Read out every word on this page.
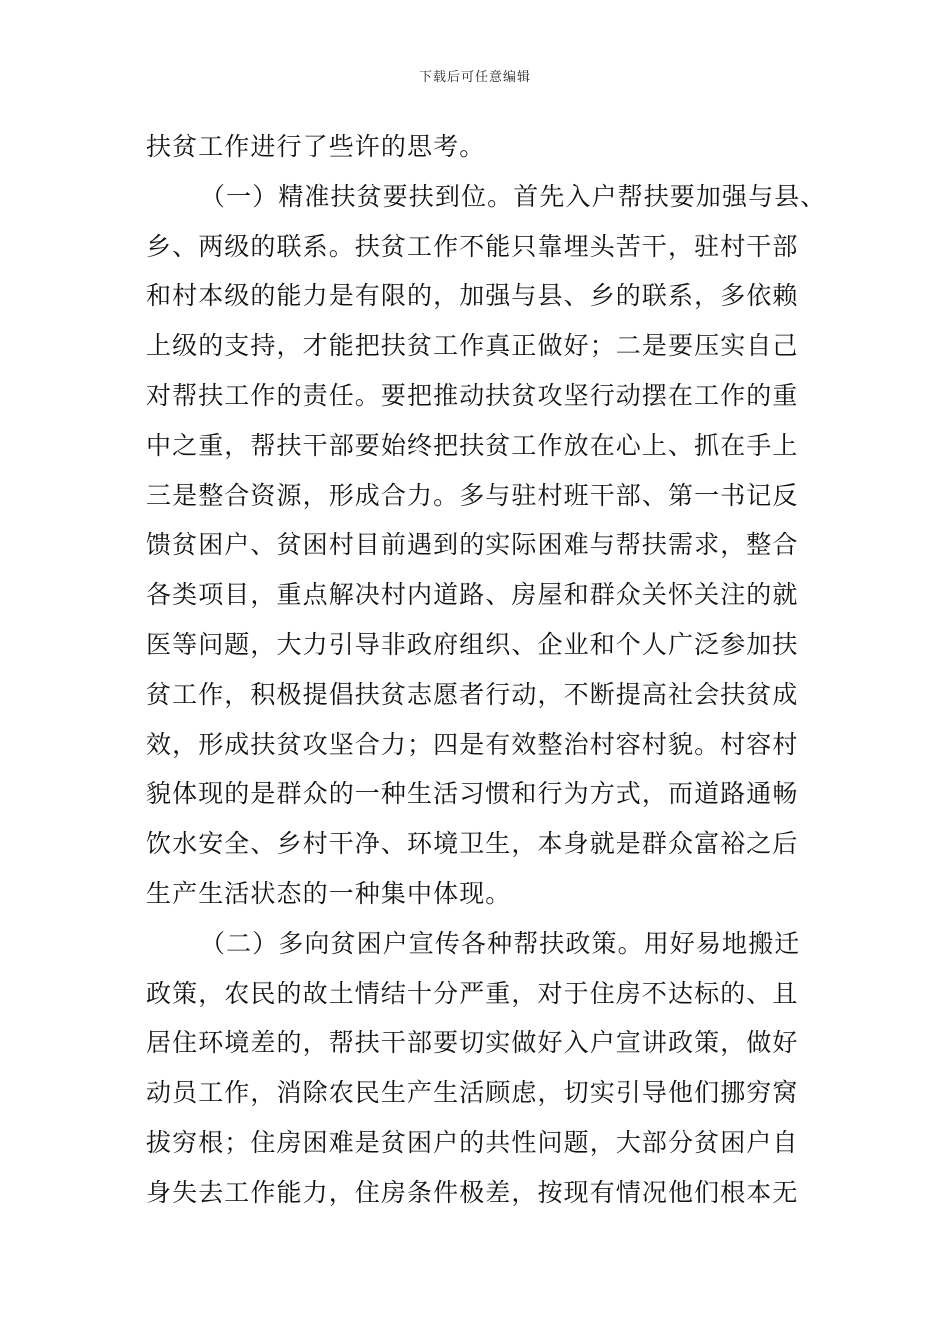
下载后可任意编辑
扶贫工作进行了些许的思考。
（一）精准扶贫要扶到位。首先入户帮扶要加强与县、
乡、两级的联系。扶贫工作不能只靠埋头苦干，驻村干部
和村本级的能力是有限的，加强与县、乡的联系，多依赖
上级的支持，才能把扶贫工作真正做好；二是要压实自己
对帮扶工作的责任。要把推动扶贫攻坚行动摆在工作的重
中之重，帮扶干部要始终把扶贫工作放在心上、抓在手上
三是整合资源，形成合力。多与驻村班干部、第一书记反
馈贫困户、贫困村目前遇到的实际困难与帮扶需求，整合
各类项目，重点解决村内道路、房屋和群众关怀关注的就
医等问题，大力引导非政府组织、企业和个人广泛参加扶
贫工作，积极提倡扶贫志愿者行动，不断提高社会扶贫成
效，形成扶贫攻坚合力；四是有效整治村容村貌。村容村
貌体现的是群众的一种生活习惯和行为方式，而道路通畅
饮水安全、乡村干净、环境卫生，本身就是群众富裕之后
生产生活状态的一种集中体现。
（二）多向贫困户宣传各种帮扶政策。用好易地搬迁
政策，农民的故土情结十分严重，对于住房不达标的、且
居住环境差的，帮扶干部要切实做好入户宣讲政策，做好
动员工作，消除农民生产生活顾虑，切实引导他们挪穷窝
拔穷根；住房困难是贫困户的共性问题，大部分贫困户自
身失去工作能力，住房条件极差，按现有情况他们根本无
